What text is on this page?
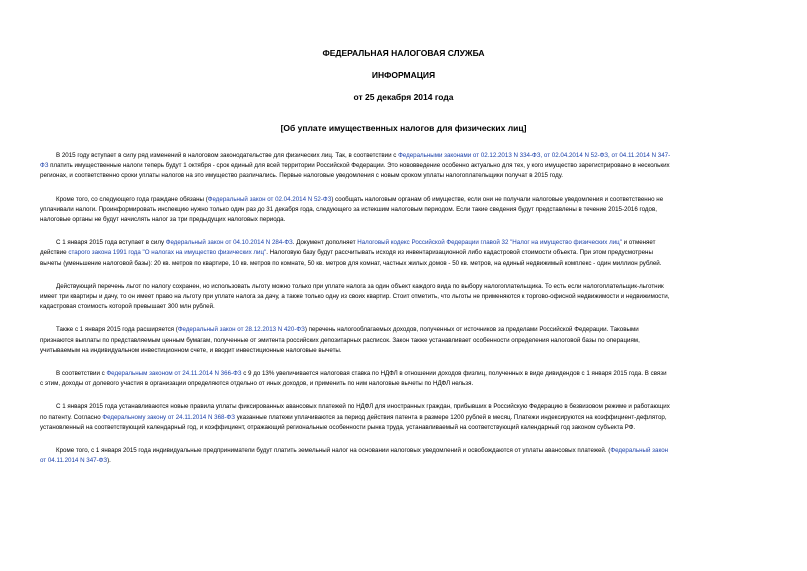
ФЕДЕРАЛЬНАЯ НАЛОГОВАЯ СЛУЖБА
ИНФОРМАЦИЯ
от 25 декабря 2014 года
[Об уплате имущественных налогов для физических лиц]

В 2015 году вступает в силу ряд изменений в налоговом законодательстве для физических лиц. Так, в соответствии с Федеральными законами от 02.12.2013 N 334-ФЗ, от 02.04.2014 N 52-ФЗ, от 04.11.2014 N 347-
ФЗ платить имущественные налоги теперь будут 1 октября - срок единый для всей территории Российской Федерации. Это нововведение особенно актуально для тех, у кого имущество зарегистрировано в нескольких
регионах, и соответственно сроки уплаты налогов на это имущество различались. Первые налоговые уведомления с новым сроком уплаты налогоплательщики получат в 2015 году.

Кроме того, со следующего года граждане обязаны (Федеральный закон от 02.04.2014 N 52-ФЗ) сообщать налоговым органам об имуществе, если они не получали налоговые уведомления и соответственно не
уплачивали налоги. Проинформировать инспекцию нужно только один раз до 31 декабря года, следующего за истекшим налоговым периодом. Если такие сведения будут представлены в течение 2015-2016 годов,
налоговые органы не будут начислять налог за три предыдущих налоговых периода.

С 1 января 2015 года вступает в силу Федеральный закон от 04.10.2014 N 284-ФЗ. Документ дополняет Налоговый кодекс Российской Федерации главой 32 "Налог на имущество физических лиц" и отменяет
действие старого закона 1991 года "О налогах на имущество физических лиц". Налоговую базу будут рассчитывать исходя из инвентаризационной либо кадастровой стоимости объекта. При этом предусмотрены
вычеты (уменьшение налоговой базы): 20 кв. метров по квартире, 10 кв. метров по комнате, 50 кв. метров для комнат, частных жилых домов - 50 кв. метров, на единый недвижимый комплекс - один миллион рублей.

Действующий перечень льгот по налогу сохранен, но использовать льготу можно только при уплате налога за один объект каждого вида по выбору налогоплательщика. То есть если налогоплательщик-льготник
имеет три квартиры и дачу, то он имеет право на льготу при уплате налога за дачу, а также только одну из своих квартир. Стоит отметить, что льготы не применяются к торгово-офисной недвижимости и недвижимости,
кадастровая стоимость которой превышает 300 млн рублей.

Также с 1 января 2015 года расширяется (Федеральный закон от 28.12.2013 N 420-ФЗ) перечень налогооблагаемых доходов, полученных от источников за пределами Российской Федерации. Таковыми
признаются выплаты по представляемым ценным бумагам, полученные от эмитента российских депозитарных расписок. Закон также устанавливает особенности определения налоговой базы по операциям,
учитываемым на индивидуальном инвестиционном счете, и вводит инвестиционные налоговые вычеты.

В соответствии с Федеральным законом от 24.11.2014 N 366-ФЗ с 9 до 13% увеличивается налоговая ставка по НДФЛ в отношении доходов физлиц, полученных в виде дивидендов с 1 января 2015 года. В связи
с этим, доходы от долевого участия в организации определяются отдельно от иных доходов, и применить по ним налоговые вычеты по НДФЛ нельзя.

С 1 января 2015 года устанавливаются новые правила уплаты фиксированных авансовых платежей по НДФЛ для иностранных граждан, прибывших в Российскую Федерацию в безвизовом режиме и работающих
по патенту. Согласно Федеральному закону от 24.11.2014 N 368-ФЗ указанные платежи уплачиваются за период действия патента в размере 1200 рублей в месяц. Платежи индексируются на коэффициент-дефлятор,
установленный на соответствующий календарный год, и коэффициент, отражающий региональные особенности рынка труда, устанавливаемый на соответствующий календарный год законом субъекта РФ.

Кроме того, с 1 января 2015 года индивидуальные предприниматели будут платить земельный налог на основании налоговых уведомлений и освобождаются от уплаты авансовых платежей. (Федеральный закон
от 04.11.2014 N 347-ФЗ).
